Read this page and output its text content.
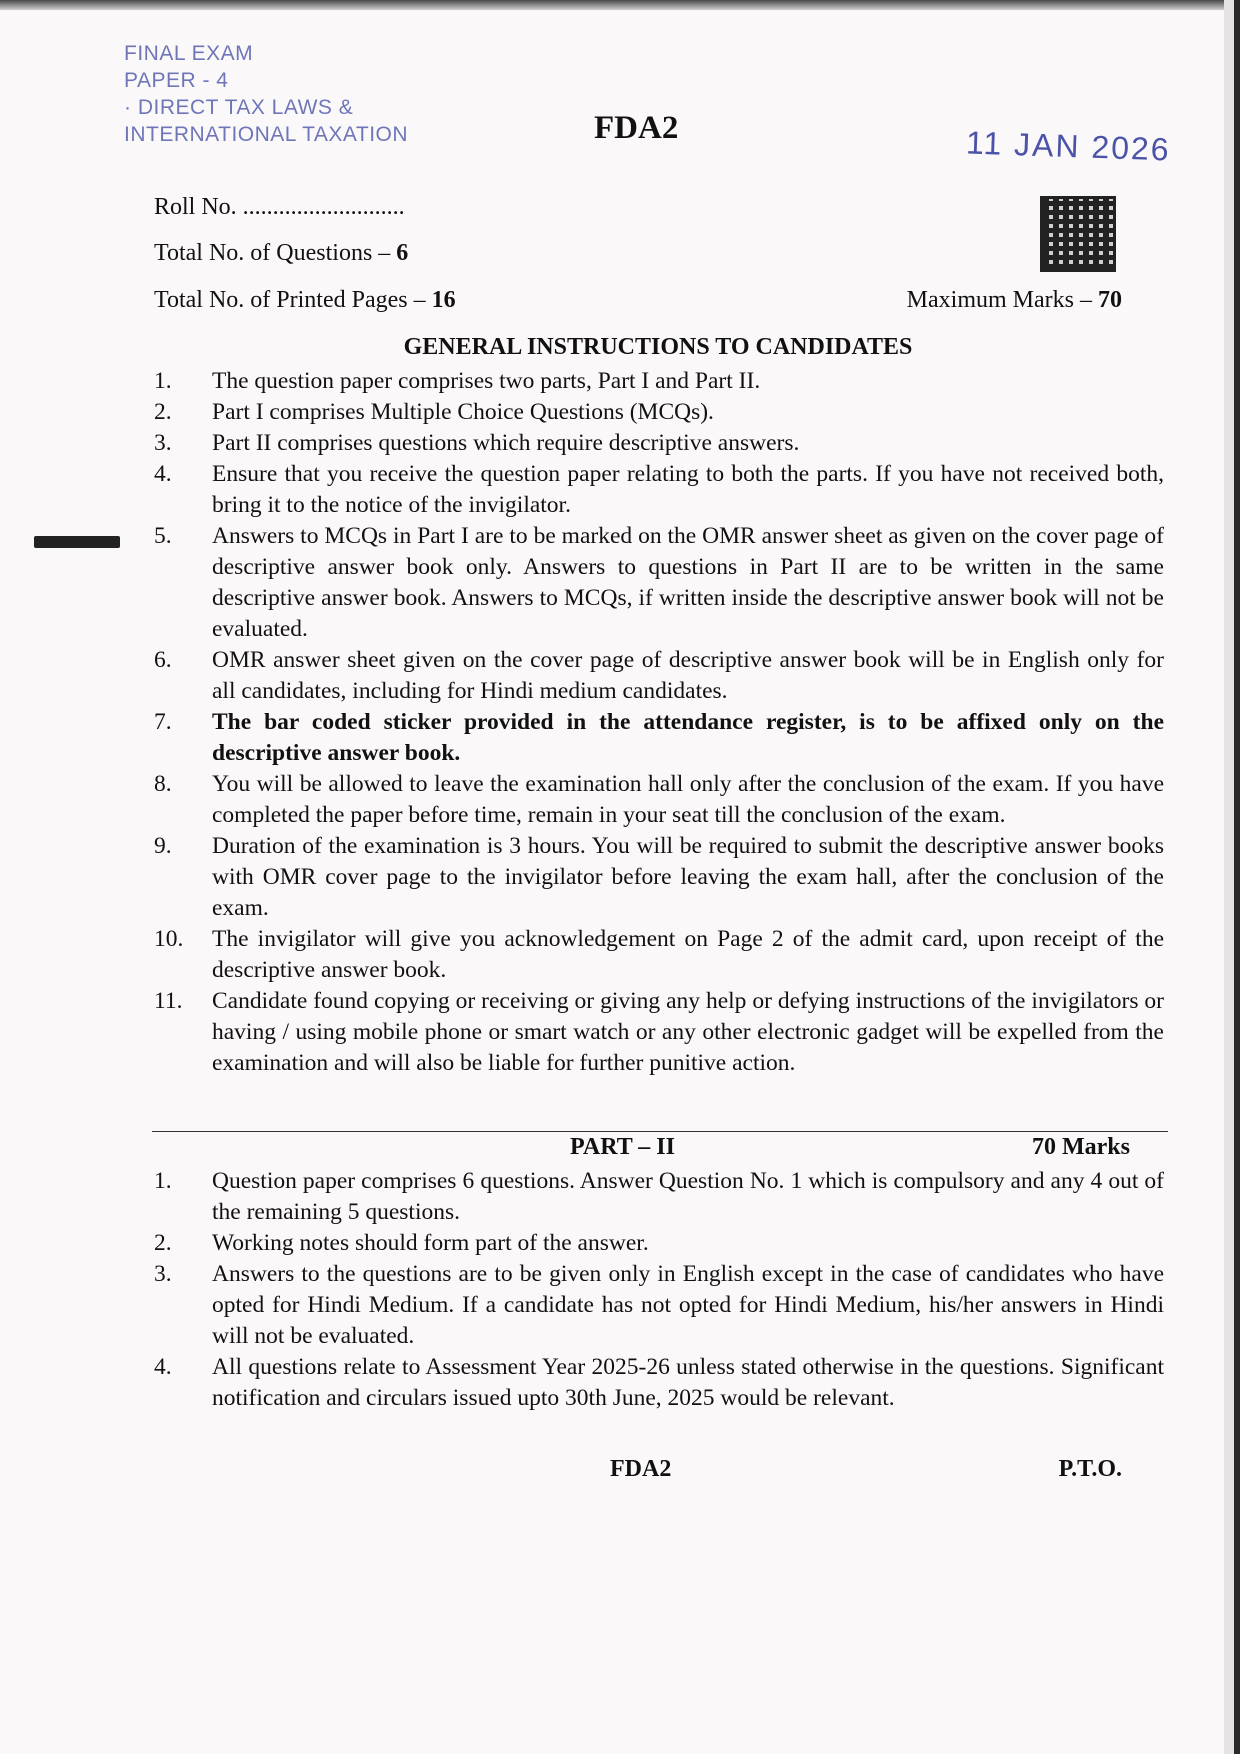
FINAL EXAM
PAPER - 4
· DIRECT TAX LAWS &
INTERNATIONAL TAXATION	FDA2	11 JAN 2026
Roll No. ...........................
Total No. of Questions – 6
Total No. of Printed Pages – 16	Maximum Marks – 70
GENERAL INSTRUCTIONS TO CANDIDATES
1.	The question paper comprises two parts, Part I and Part II.
2.	Part I comprises Multiple Choice Questions (MCQs).
3.	Part II comprises questions which require descriptive answers.
4.	Ensure that you receive the question paper relating to both the parts. If you have not received both, bring it to the notice of the invigilator.
5.	Answers to MCQs in Part I are to be marked on the OMR answer sheet as given on the cover page of descriptive answer book only. Answers to questions in Part II are to be written in the same descriptive answer book. Answers to MCQs, if written inside the descriptive answer book will not be evaluated.
6.	OMR answer sheet given on the cover page of descriptive answer book will be in English only for all candidates, including for Hindi medium candidates.
7.	The bar coded sticker provided in the attendance register, is to be affixed only on the descriptive answer book.
8.	You will be allowed to leave the examination hall only after the conclusion of the exam. If you have completed the paper before time, remain in your seat till the conclusion of the exam.
9.	Duration of the examination is 3 hours. You will be required to submit the descriptive answer books with OMR cover page to the invigilator before leaving the exam hall, after the conclusion of the exam.
10.	The invigilator will give you acknowledgement on Page 2 of the admit card, upon receipt of the descriptive answer book.
11.	Candidate found copying or receiving or giving any help or defying instructions of the invigilators or having / using mobile phone or smart watch or any other electronic gadget will be expelled from the examination and will also be liable for further punitive action.
PART – II	70 Marks
1.	Question paper comprises 6 questions. Answer Question No. 1 which is compulsory and any 4 out of the remaining 5 questions.
2.	Working notes should form part of the answer.
3.	Answers to the questions are to be given only in English except in the case of candidates who have opted for Hindi Medium. If a candidate has not opted for Hindi Medium, his/her answers in Hindi will not be evaluated.
4.	All questions relate to Assessment Year 2025-26 unless stated otherwise in the questions. Significant notification and circulars issued upto 30th June, 2025 would be relevant.
FDA2	P.T.O.
